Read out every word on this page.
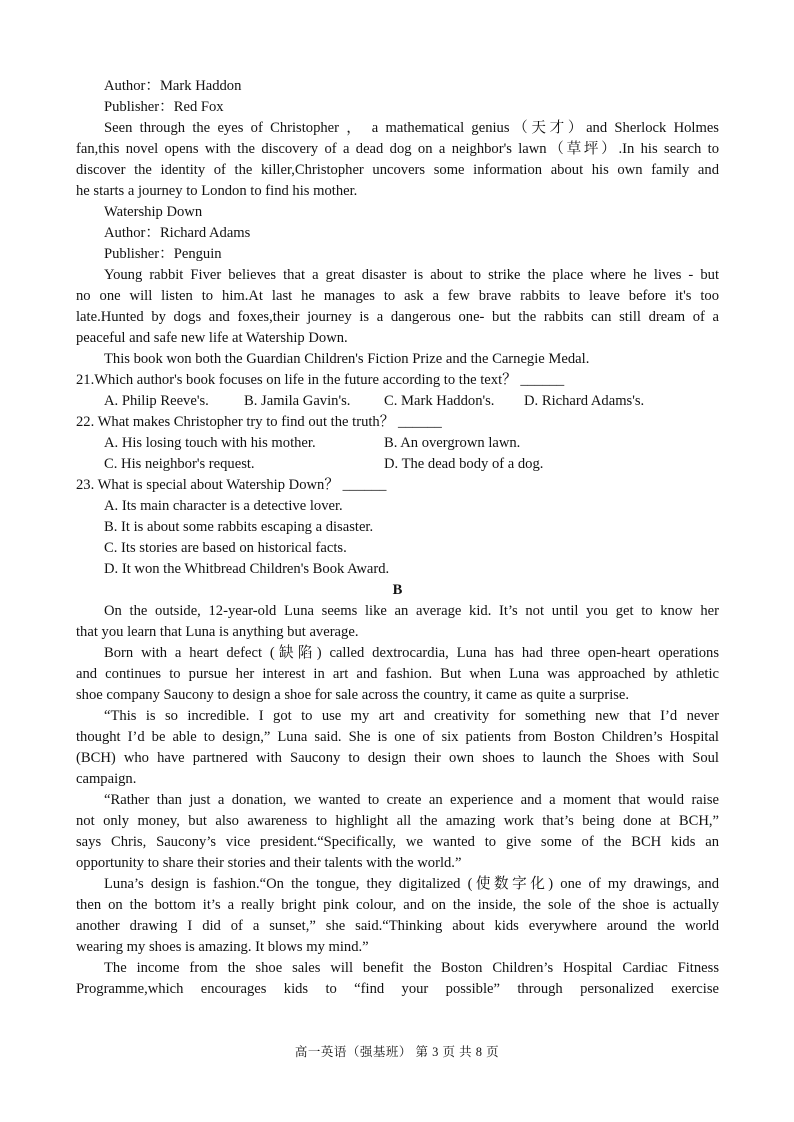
Author：Mark Haddon
Publisher：Red Fox
Seen through the eyes of Christopher ， a mathematical genius（天才）and Sherlock Holmes
fan,this novel opens with the discovery of a dead dog on a neighbor's lawn（草坪）.In his search to
discover the identity of the killer,Christopher uncovers some information about his own family and
he starts a journey to London to find his mother.
Watership Down
Author：Richard Adams
Publisher：Penguin
Young rabbit Fiver believes that a great disaster is about to strike the place where he lives - but
no one will listen to him.At last he manages to ask a few brave rabbits to leave before it's too
late.Hunted by dogs and foxes,their journey is a dangerous one- but the rabbits can still dream of a
peaceful and safe new life at Watership Down.
This book won both the Guardian Children's Fiction Prize and the Carnegie Medal.
21.Which author's book focuses on life in the future according to the text？ ______
A. Philip Reeve's.	B. Jamila Gavin's.	C. Mark Haddon's.	D. Richard Adams's.
22. What makes Christopher try to find out the truth？ ______
A. His losing touch with his mother.	B. An overgrown lawn.
C. His neighbor's request.	D. The dead body of a dog.
23. What is special about Watership Down？ ______
A. Its main character is a detective lover.
B. It is about some rabbits escaping a disaster.
C. Its stories are based on historical facts.
D. It won the Whitbread Children's Book Award.
B
On the outside, 12-year-old Luna seems like an average kid. It’s not until you get to know her
that you learn that Luna is anything but average.
Born with a heart defect (缺陷) called dextrocardia, Luna has had three open-heart operations
and continues to pursue her interest in art and fashion. But when Luna was approached by athletic
shoe company Saucony to design a shoe for sale across the country, it came as quite a surprise.
“This is so incredible. I got to use my art and creativity for something new that I’d never
thought I’d be able to design,” Luna said. She is one of six patients from Boston Children’s Hospital
(BCH) who have partnered with Saucony to design their own shoes to launch the Shoes with Soul
campaign.
“Rather than just a donation, we wanted to create an experience and a moment that would raise
not only money, but also awareness to highlight all the amazing work that’s being done at BCH,”
says Chris, Saucony’s vice president.“Specifically, we wanted to give some of the BCH kids an
opportunity to share their stories and their talents with the world.”
Luna’s design is fashion.“On the tongue, they digitalized (使数字化) one of my drawings, and
then on the bottom it’s a really bright pink colour, and on the inside, the sole of the shoe is actually
another drawing I did of a sunset,” she said.“Thinking about kids everywhere around the world
wearing my shoes is amazing. It blows my mind.”
The income from the shoe sales will benefit the Boston Children’s Hospital Cardiac Fitness
Programme,which encourages kids to “find your possible” through personalized exercise
高一英语（强基班） 第 3 页 共 8 页
